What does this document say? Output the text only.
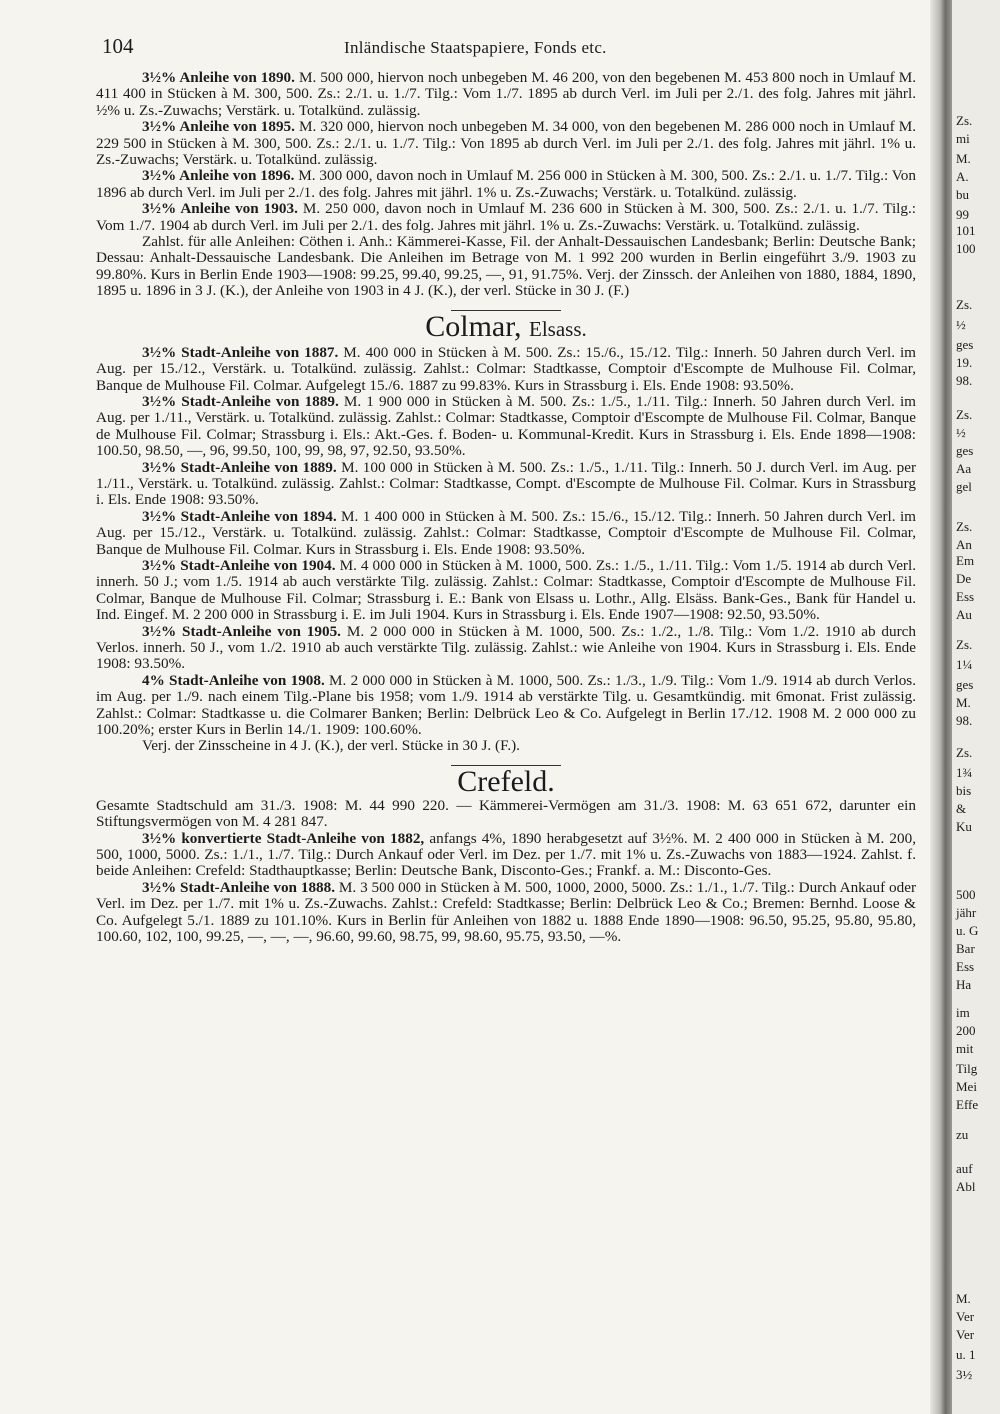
104	Inländische Staatspapiere, Fonds etc.

3½% Anleihe von 1890. M. 500 000, hiervon noch unbegeben M. 46 200, von den begebenen M. 453 800 noch in Umlauf M. 411 400 in Stücken à M. 300, 500. Zs.: 2./1. u. 1./7. Tilg.: Vom 1./7. 1895 ab durch Verl. im Juli per 2./1. des folg. Jahres mit jährl. ½% u. Zs.-Zuwachs; Verstärk. u. Totalkünd. zulässig.

3½% Anleihe von 1895. M. 320 000, hiervon noch unbegeben M. 34 000, von den begebenen M. 286 000 noch in Umlauf M. 229 500 in Stücken à M. 300, 500. Zs.: 2./1. u. 1./7. Tilg.: Von 1895 ab durch Verl. im Juli per 2./1. des folg. Jahres mit jährl. 1% u. Zs.-Zuwachs; Verstärk. u. Totalkünd. zulässig.

3½% Anleihe von 1896. M. 300 000, davon noch in Umlauf M. 256 000 in Stücken à M. 300, 500. Zs.: 2./1. u. 1./7. Tilg.: Von 1896 ab durch Verl. im Juli per 2./1. des folg. Jahres mit jährl. 1% u. Zs.-Zuwachs; Verstärk. u. Totalkünd. zulässig.

3½% Anleihe von 1903. M. 250 000, davon noch in Umlauf M. 236 600 in Stücken à M. 300, 500. Zs.: 2./1. u. 1./7. Tilg.: Vom 1./7. 1904 ab durch Verl. im Juli per 2./1. des folg. Jahres mit jährl. 1% u. Zs.-Zuwachs: Verstärk. u. Totalkünd. zulässig.

Zahlst. für alle Anleihen: Cöthen i. Anh.: Kämmerei-Kasse, Fil. der Anhalt-Dessauischen Landesbank; Berlin: Deutsche Bank; Dessau: Anhalt-Dessauische Landesbank. Die Anleihen im Betrage von M. 1 992 200 wurden in Berlin eingeführt 3./9. 1903 zu 99.80%. Kurs in Berlin Ende 1903—1908: 99.25, 99.40, 99.25, —, 91, 91.75%. Verj. der Zinssch. der Anleihen von 1880, 1884, 1890, 1895 u. 1896 in 3 J. (K.), der Anleihe von 1903 in 4 J. (K.), der verl. Stücke in 30 J. (F.)

Colmar, Elsass.

3½% Stadt-Anleihe von 1887. M. 400 000 in Stücken à M. 500. Zs.: 15./6., 15./12. Tilg.: Innerh. 50 Jahren durch Verl. im Aug. per 15./12., Verstärk. u. Totalkünd. zulässig. Zahlst.: Colmar: Stadtkasse, Comptoir d'Escompte de Mulhouse Fil. Colmar, Banque de Mulhouse Fil. Colmar. Aufgelegt 15./6. 1887 zu 99.83%. Kurs in Strassburg i. Els. Ende 1908: 93.50%.

3½% Stadt-Anleihe von 1889. M. 1 900 000 in Stücken à M. 500. Zs.: 1./5., 1./11. Tilg.: Innerh. 50 Jahren durch Verl. im Aug. per 1./11., Verstärk. u. Totalkünd. zulässig. Zahlst.: Colmar: Stadtkasse, Comptoir d'Escompte de Mulhouse Fil. Colmar, Banque de Mulhouse Fil. Colmar; Strassburg i. Els.: Akt.-Ges. f. Boden- u. Kommunal-Kredit. Kurs in Strassburg i. Els. Ende 1898—1908: 100.50, 98.50, —, 96, 99.50, 100, 99, 98, 97, 92.50, 93.50%.

3½% Stadt-Anleihe von 1889. M. 100 000 in Stücken à M. 500. Zs.: 1./5., 1./11. Tilg.: Innerh. 50 J. durch Verl. im Aug. per 1./11., Verstärk. u. Totalkünd. zulässig. Zahlst.: Colmar: Stadtkasse, Compt. d'Escompte de Mulhouse Fil. Colmar. Kurs in Strassburg i. Els. Ende 1908: 93.50%.

3½% Stadt-Anleihe von 1894. M. 1 400 000 in Stücken à M. 500. Zs.: 15./6., 15./12. Tilg.: Innerh. 50 Jahren durch Verl. im Aug. per 15./12., Verstärk. u. Totalkünd. zulässig. Zahlst.: Colmar: Stadtkasse, Comptoir d'Escompte de Mulhouse Fil. Colmar, Banque de Mulhouse Fil. Colmar. Kurs in Strassburg i. Els. Ende 1908: 93.50%.

3½% Stadt-Anleihe von 1904. M. 4 000 000 in Stücken à M. 1000, 500. Zs.: 1./5., 1./11. Tilg.: Vom 1./5. 1914 ab durch Verl. innerh. 50 J.; vom 1./5. 1914 ab auch verstärkte Tilg. zulässig. Zahlst.: Colmar: Stadtkasse, Comptoir d'Escompte de Mulhouse Fil. Colmar, Banque de Mulhouse Fil. Colmar; Strassburg i. E.: Bank von Elsass u. Lothr., Allg. Elsäss. Bank-Ges., Bank für Handel u. Ind. Eingef. M. 2 200 000 in Strassburg i. E. im Juli 1904. Kurs in Strassburg i. Els. Ende 1907—1908: 92.50, 93.50%.

3½% Stadt-Anleihe von 1905. M. 2 000 000 in Stücken à M. 1000, 500. Zs.: 1./2., 1./8. Tilg.: Vom 1./2. 1910 ab durch Verlos. innerh. 50 J., vom 1./2. 1910 ab auch verstärkte Tilg. zulässig. Zahlst.: wie Anleihe von 1904. Kurs in Strassburg i. Els. Ende 1908: 93.50%.

4% Stadt-Anleihe von 1908. M. 2 000 000 in Stücken à M. 1000, 500. Zs.: 1./3., 1./9. Tilg.: Vom 1./9. 1914 ab durch Verlos. im Aug. per 1./9. nach einem Tilg.-Plane bis 1958; vom 1./9. 1914 ab verstärkte Tilg. u. Gesamtkündig. mit 6monat. Frist zulässig. Zahlst.: Colmar: Stadtkasse u. die Colmarer Banken; Berlin: Delbrück Leo & Co. Aufgelegt in Berlin 17./12. 1908 M. 2 000 000 zu 100.20%; erster Kurs in Berlin 14./1. 1909: 100.60%.

Verj. der Zinsscheine in 4 J. (K.), der verl. Stücke in 30 J. (F.).

Crefeld.

Gesamte Stadtschuld am 31./3. 1908: M. 44 990 220. — Kämmerei-Vermögen am 31./3. 1908: M. 63 651 672, darunter ein Stiftungsvermögen von M. 4 281 847.

3½% konvertierte Stadt-Anleihe von 1882, anfangs 4%, 1890 herabgesetzt auf 3½%. M. 2 400 000 in Stücken à M. 200, 500, 1000, 5000. Zs.: 1./1., 1./7. Tilg.: Durch Ankauf oder Verl. im Dez. per 1./7. mit 1% u. Zs.-Zuwachs von 1883—1924. Zahlst. f. beide Anleihen: Crefeld: Stadthauptkasse; Berlin: Deutsche Bank, Disconto-Ges.; Frankf. a. M.: Disconto-Ges.

3½% Stadt-Anleihe von 1888. M. 3 500 000 in Stücken à M. 500, 1000, 2000, 5000. Zs.: 1./1., 1./7. Tilg.: Durch Ankauf oder Verl. im Dez. per 1./7. mit 1% u. Zs.-Zuwachs. Zahlst.: Crefeld: Stadtkasse; Berlin: Delbrück Leo & Co.; Bremen: Bernhd. Loose & Co. Aufgelegt 5./1. 1889 zu 101.10%. Kurs in Berlin für Anleihen von 1882 u. 1888 Ende 1890—1908: 96.50, 95.25, 95.80, 95.80, 100.60, 102, 100, 99.25, —, —, —, 96.60, 99.60, 98.75, 99, 98.60, 95.75, 93.50, —%.

Zs.
mi
M.
A.
bu
99
101
100
Zs.
½
ges
19.
98.
Zs.
½
ges
Aa
gel
Zs.
An
Em
De
Ess
Au
Zs.
1¼
ges
M.
98.
Zs.
1¾
bis
&
Ku
500
jähr
u. G
Bar
Ess
Ha
im
200
mit
Tilg
Mei
Effe
zu
auf
Abl
M.
Ver
Ver
u. 1
3½
